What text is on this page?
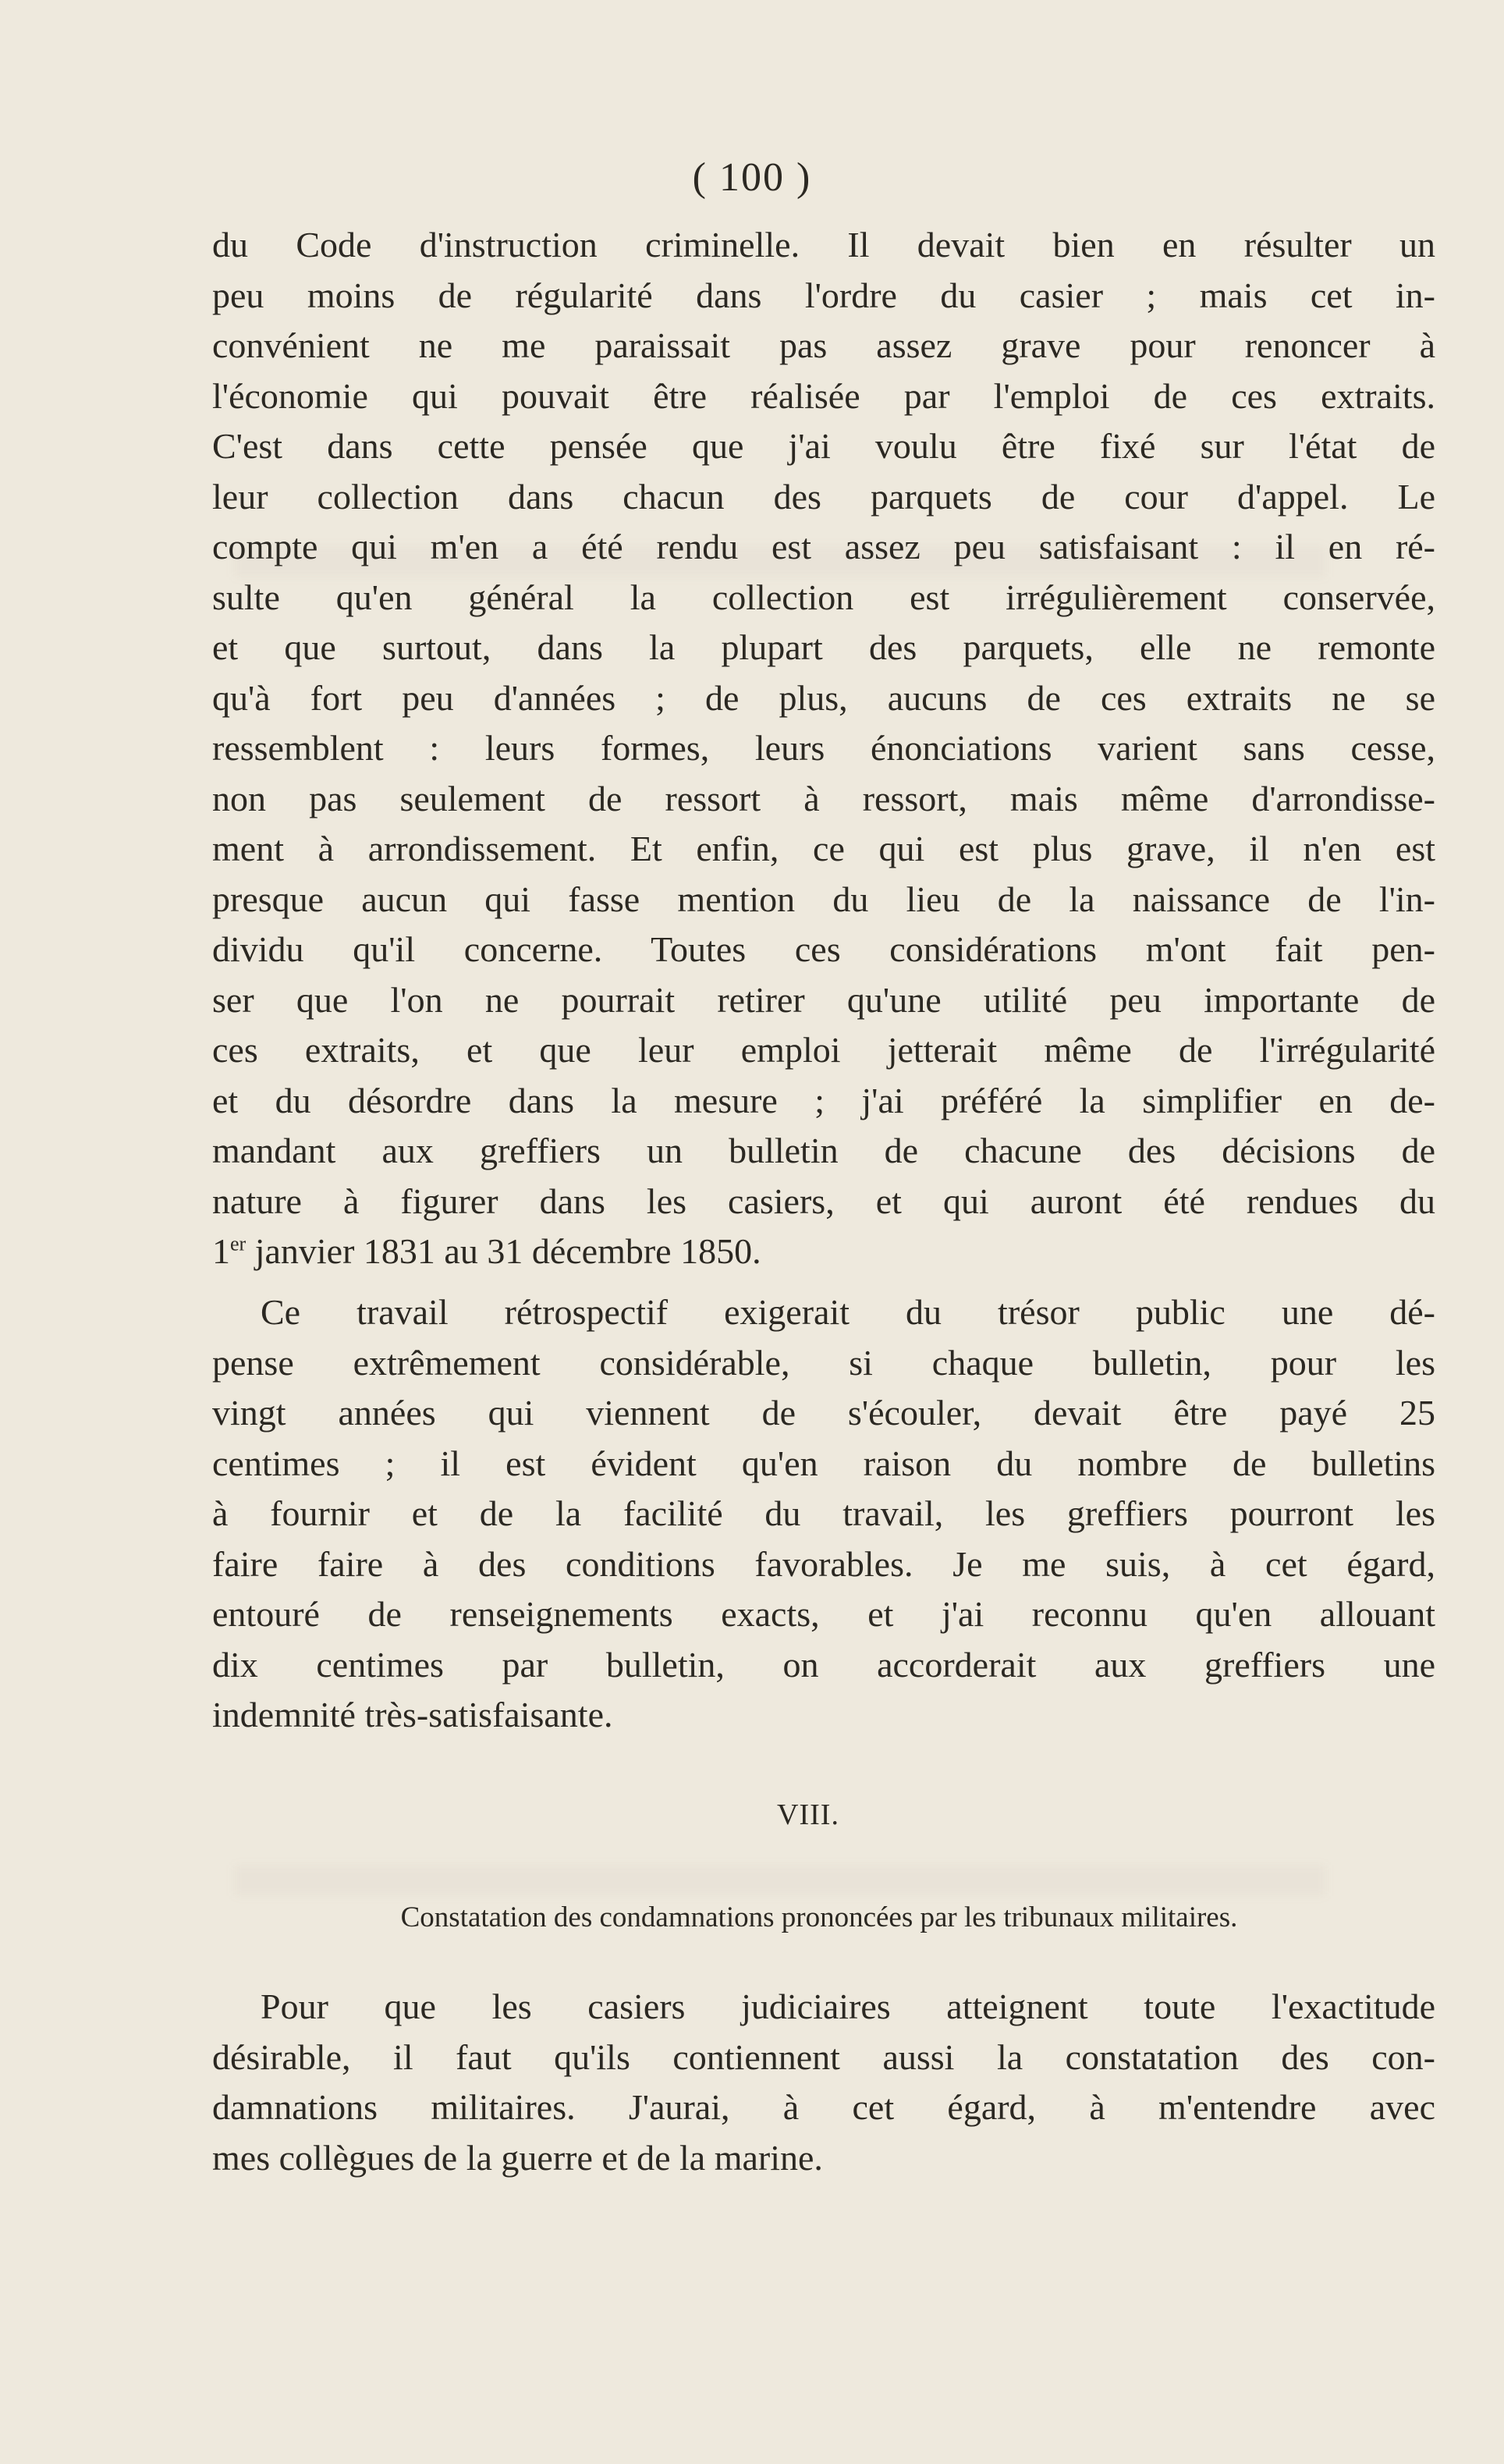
( 100 )
du Code d'instruction criminelle. Il devait bien en résulter un
peu moins de régularité dans l'ordre du casier ; mais cet in-
convénient ne me paraissait pas assez grave pour renoncer à
l'économie qui pouvait être réalisée par l'emploi de ces extraits.
C'est dans cette pensée que j'ai voulu être fixé sur l'état de
leur collection dans chacun des parquets de cour d'appel. Le
compte qui m'en a été rendu est assez peu satisfaisant : il en ré-
sulte qu'en général la collection est irrégulièrement conservée,
et que surtout, dans la plupart des parquets, elle ne remonte
qu'à fort peu d'années ; de plus, aucuns de ces extraits ne se
ressemblent : leurs formes, leurs énonciations varient sans cesse,
non pas seulement de ressort à ressort, mais même d'arrondisse-
ment à arrondissement. Et enfin, ce qui est plus grave, il n'en est
presque aucun qui fasse mention du lieu de la naissance de l'in-
dividu qu'il concerne. Toutes ces considérations m'ont fait pen-
ser que l'on ne pourrait retirer qu'une utilité peu importante de
ces extraits, et que leur emploi jetterait même de l'irrégularité
et du désordre dans la mesure ; j'ai préféré la simplifier en de-
mandant aux greffiers un bulletin de chacune des décisions de
nature à figurer dans les casiers, et qui auront été rendues du
1er janvier 1831 au 31 décembre 1850.
Ce travail rétrospectif exigerait du trésor public une dé-
pense extrêmement considérable, si chaque bulletin, pour les
vingt années qui viennent de s'écouler, devait être payé 25
centimes ; il est évident qu'en raison du nombre de bulletins
à fournir et de la facilité du travail, les greffiers pourront les
faire faire à des conditions favorables. Je me suis, à cet égard,
entouré de renseignements exacts, et j'ai reconnu qu'en allouant
dix centimes par bulletin, on accorderait aux greffiers une
indemnité très-satisfaisante.
VIII.
Constatation des condamnations prononcées par les tribunaux militaires.
Pour que les casiers judiciaires atteignent toute l'exactitude
désirable, il faut qu'ils contiennent aussi la constatation des con-
damnations militaires. J'aurai, à cet égard, à m'entendre avec
mes collègues de la guerre et de la marine.
